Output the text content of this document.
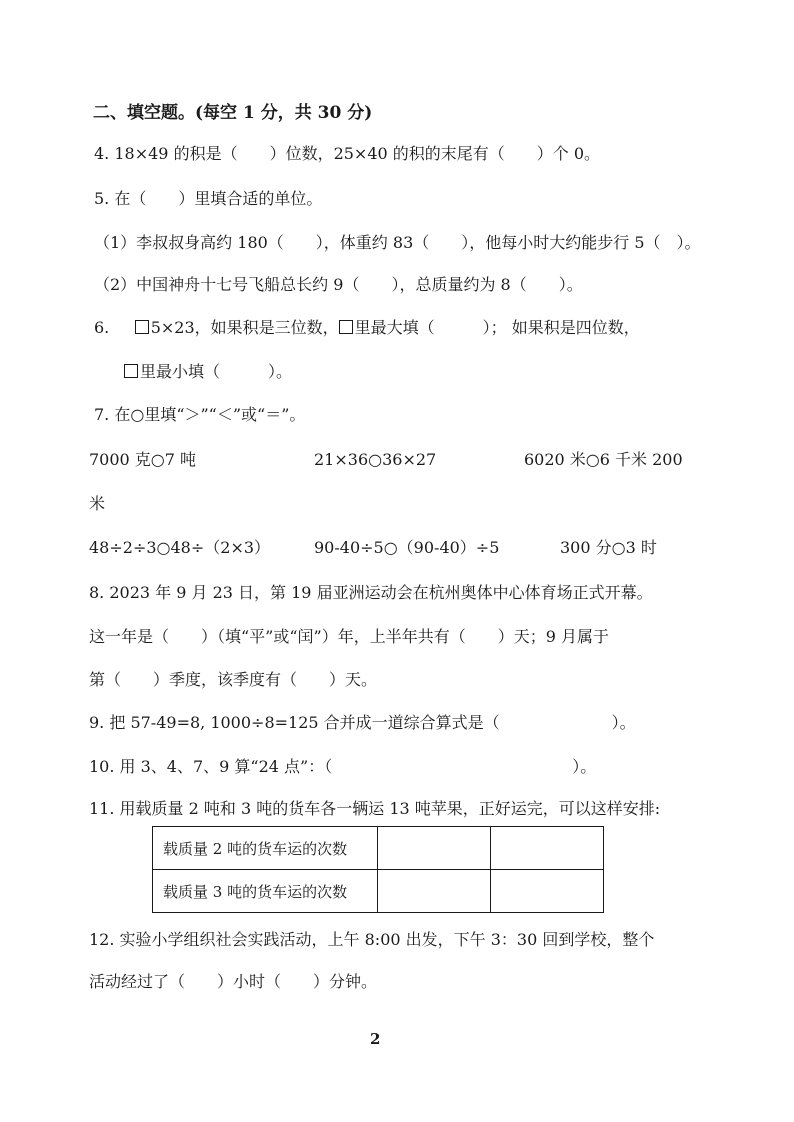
二、填空题。(每空 1 分，共 30 分)
4. 18×49 的积是（　　）位数，25×40 的积的末尾有（　　）个 0。
5. 在（　　）里填合适的单位。
（1）李叔叔身高约 180（　　），体重约 83（　　），他每小时大约能步行 5（　）。
（2）中国神舟十七号飞船总长约 9（　　），总质量约为 8（　　）。
6.	5×23，如果积是三位数， 里最大填（　　　）； 如果积是四位数，
里最小填（　　　）。
7. 在○里填“＞”“＜”或“＝”。
7000 克○7 吨	21×36○36×27	6020 米○6 千米 200
米
48÷2÷3○48÷（2×3）	90-40÷5○（90-40）÷5	300 分○3 时
8. 2023 年 9 月 23 日，第 19 届亚洲运动会在杭州奥体中心体育场正式开幕。
这一年是（　　）（填“平”或“闰”）年，上半年共有（　　）天；9 月属于
第（　　）季度，该季度有（　　）天。
9. 把 57-49=8, 1000÷8=125 合并成一道综合算式是（　　　　　　　）。
10. 用 3、4、7、9 算“24 点”：（　　　　　　　　　　　　　　　）。
11. 用载质量 2 吨和 3 吨的货车各一辆运 13 吨苹果，正好运完，可以这样安排:
载质量 2 吨的货车运的次数		
载质量 3 吨的货车运的次数		
12. 实验小学组织社会实践活动，上午 8:00 出发，下午 3：30 回到学校，整个
活动经过了（　　）小时（　　）分钟。
2
